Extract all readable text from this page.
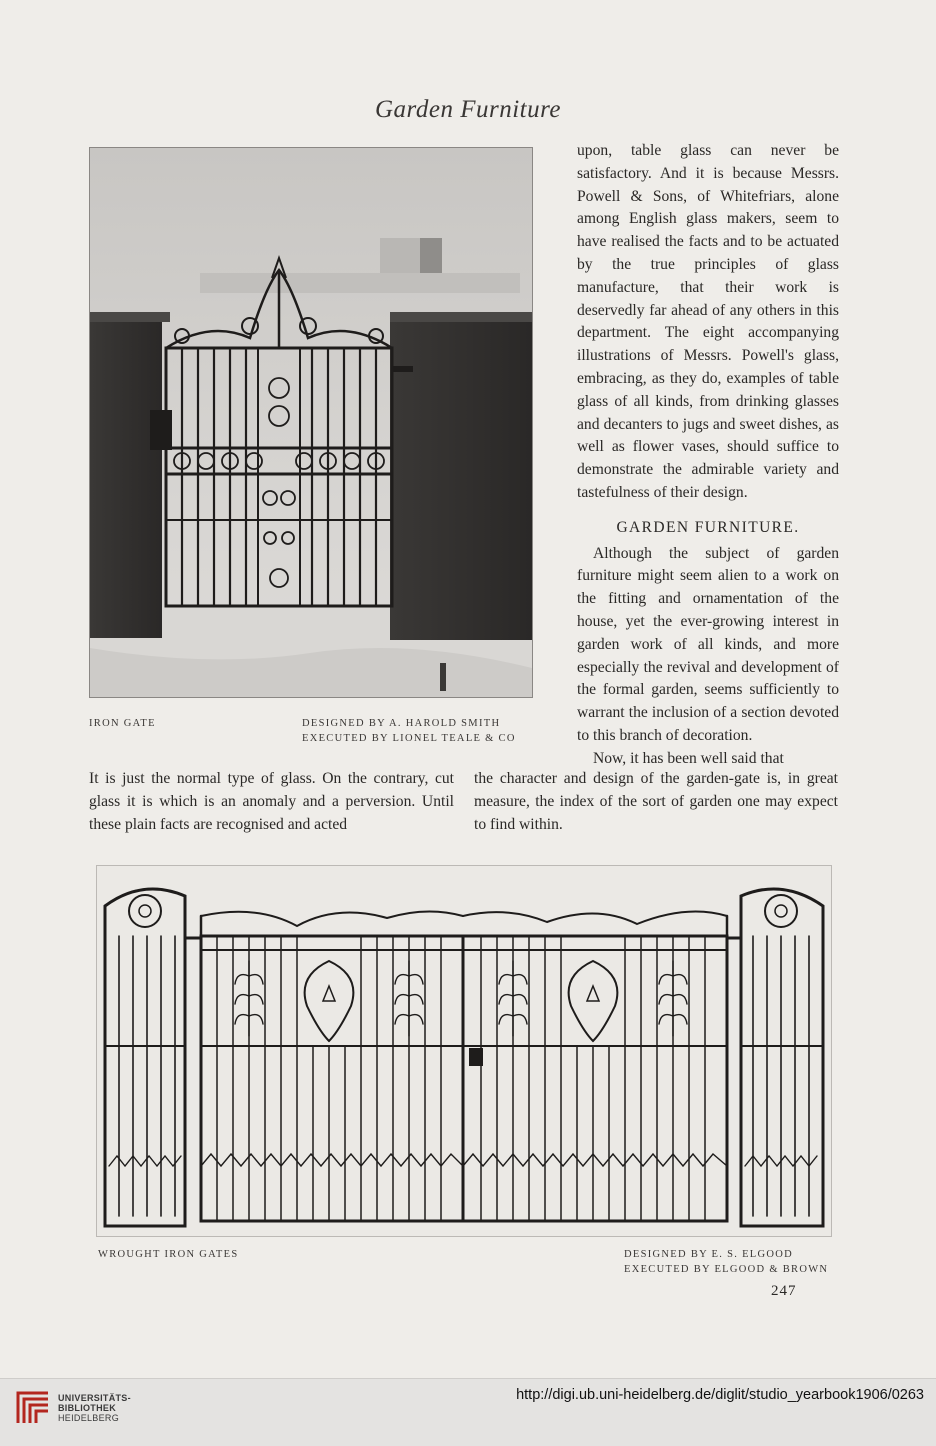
Garden Furniture
IRON GATE	DESIGNED BY A. HAROLD SMITH
EXECUTED BY LIONEL TEALE & CO

upon, table glass can never be satisfactory. And it is because Messrs. Powell & Sons, of Whitefriars, alone among English glass makers, seem to have realised the facts and to be actuated by the true principles of glass manufacture, that their work is deservedly far ahead of any others in this department. The eight accompanying illustrations of Messrs. Powell's glass, embracing, as they do, examples of table glass of all kinds, from drinking glasses and decanters to jugs and sweet dishes, as well as flower vases, should suffice to demonstrate the admirable variety and tastefulness of their design.

GARDEN FURNITURE.

Although the subject of garden furniture might seem alien to a work on the fitting and ornamentation of the house, yet the ever-growing interest in garden work of all kinds, and more especially the revival and development of the formal garden, seems sufficiently to warrant the inclusion of a section devoted to this branch of decoration.

Now, it has been well said that

It is just the normal type of glass. On the contrary, cut glass it is which is an anomaly and a perversion. Until these plain facts are recognised and acted

the character and design of the garden-gate is, in great measure, the index of the sort of garden one may expect to find within.

WROUGHT IRON GATES	DESIGNED BY E. S. ELGOOD
EXECUTED BY ELGOOD & BROWN
247
UNIVERSITÄTS-
BIBLIOTHEK
HEIDELBERG
http://digi.ub.uni-heidelberg.de/diglit/studio_yearbook1906/0263
